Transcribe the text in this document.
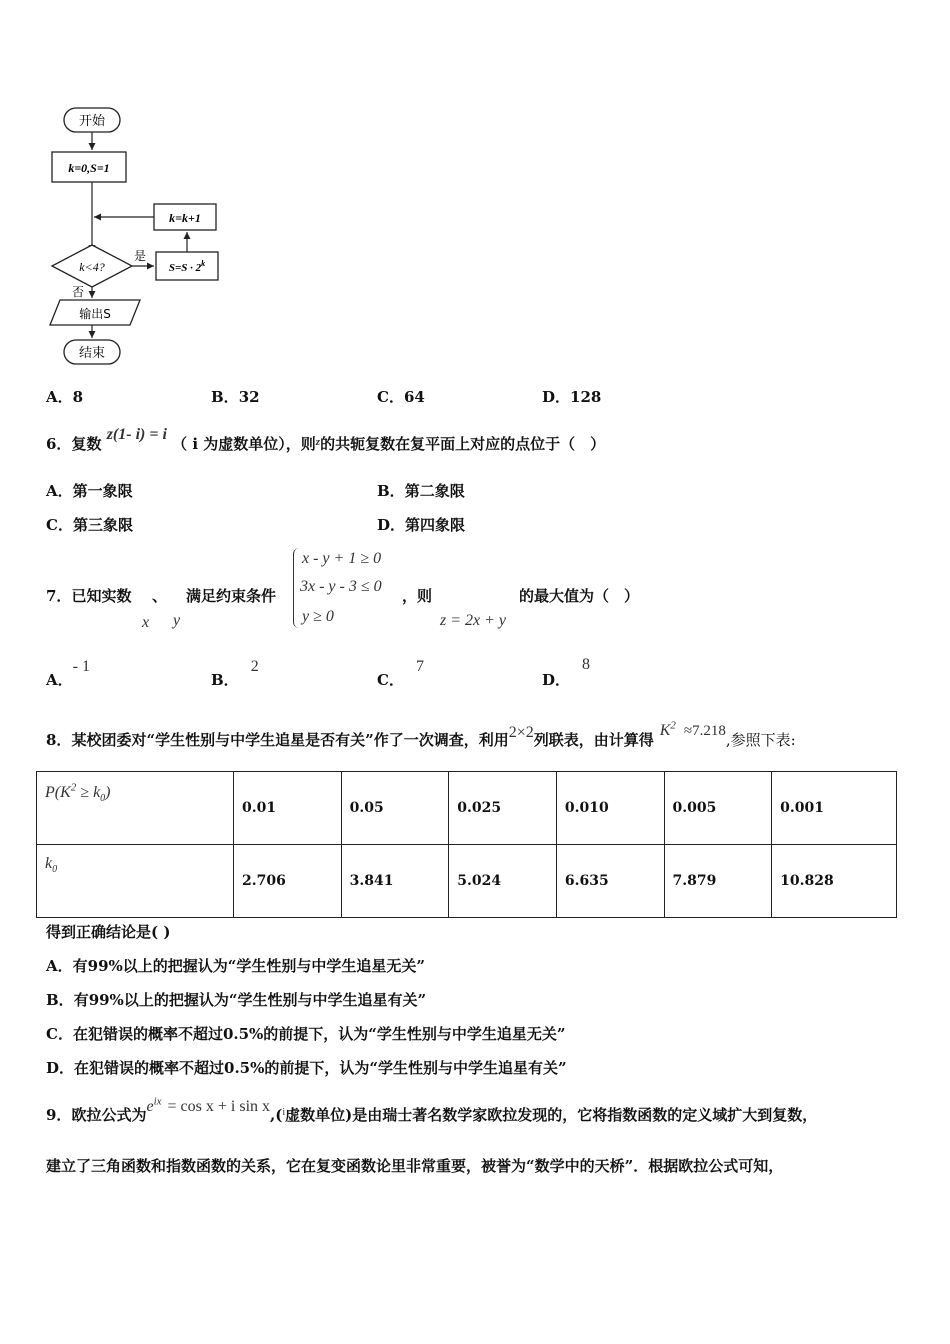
开始
k=0,S=1
k=k+1
k<4?
是
$S=S \cdot 2^k$
否
输出S
结束
A．8	B．32	C．64	D．128
6．复数 z(1- i) = i （ i 为虚数单位），则$^z$的共轭复数在复平面上对应的点位于（　）
A．第一象限	B．第二象限
C．第三象限	D．第四象限
7．已知实数 、 满足约束条件
x y
x - y + 1 ≥ 0
3x - y - 3 ≤ 0
y ≥ 0
，则
z = 2x + y
的最大值为（　）
A．- 1
B．2
C．7
D．8
8．某校团委对“学生性别与中学生追星是否有关”作了一次调查，利用2×2列联表，由计算得$K^2 \approx 7.218$,参照下表:
$P(K^2 \ge k_0)$	0.01	0.05	0.025	0.010	0.005	0.001
$k_0$	2.706	3.841	5.024	6.635	7.879	10.828
得到正确结论是( )
A．有99%以上的把握认为“学生性别与中学生追星无关”
B．有99%以上的把握认为“学生性别与中学生追星有关”
C．在犯错误的概率不超过0.5%的前提下，认为“学生性别与中学生追星无关”
D．在犯错误的概率不超过0.5%的前提下，认为“学生性别与中学生追星有关”
9．欧拉公式为$e^{ix} = \cos x + i$ sin x,($^i$虚数单位)是由瑞士著名数学家欧拉发现的，它将指数函数的定义域扩大到复数，
建立了三角函数和指数函数的关系，它在复变函数论里非常重要，被誉为“数学中的天桥”．根据欧拉公式可知，
